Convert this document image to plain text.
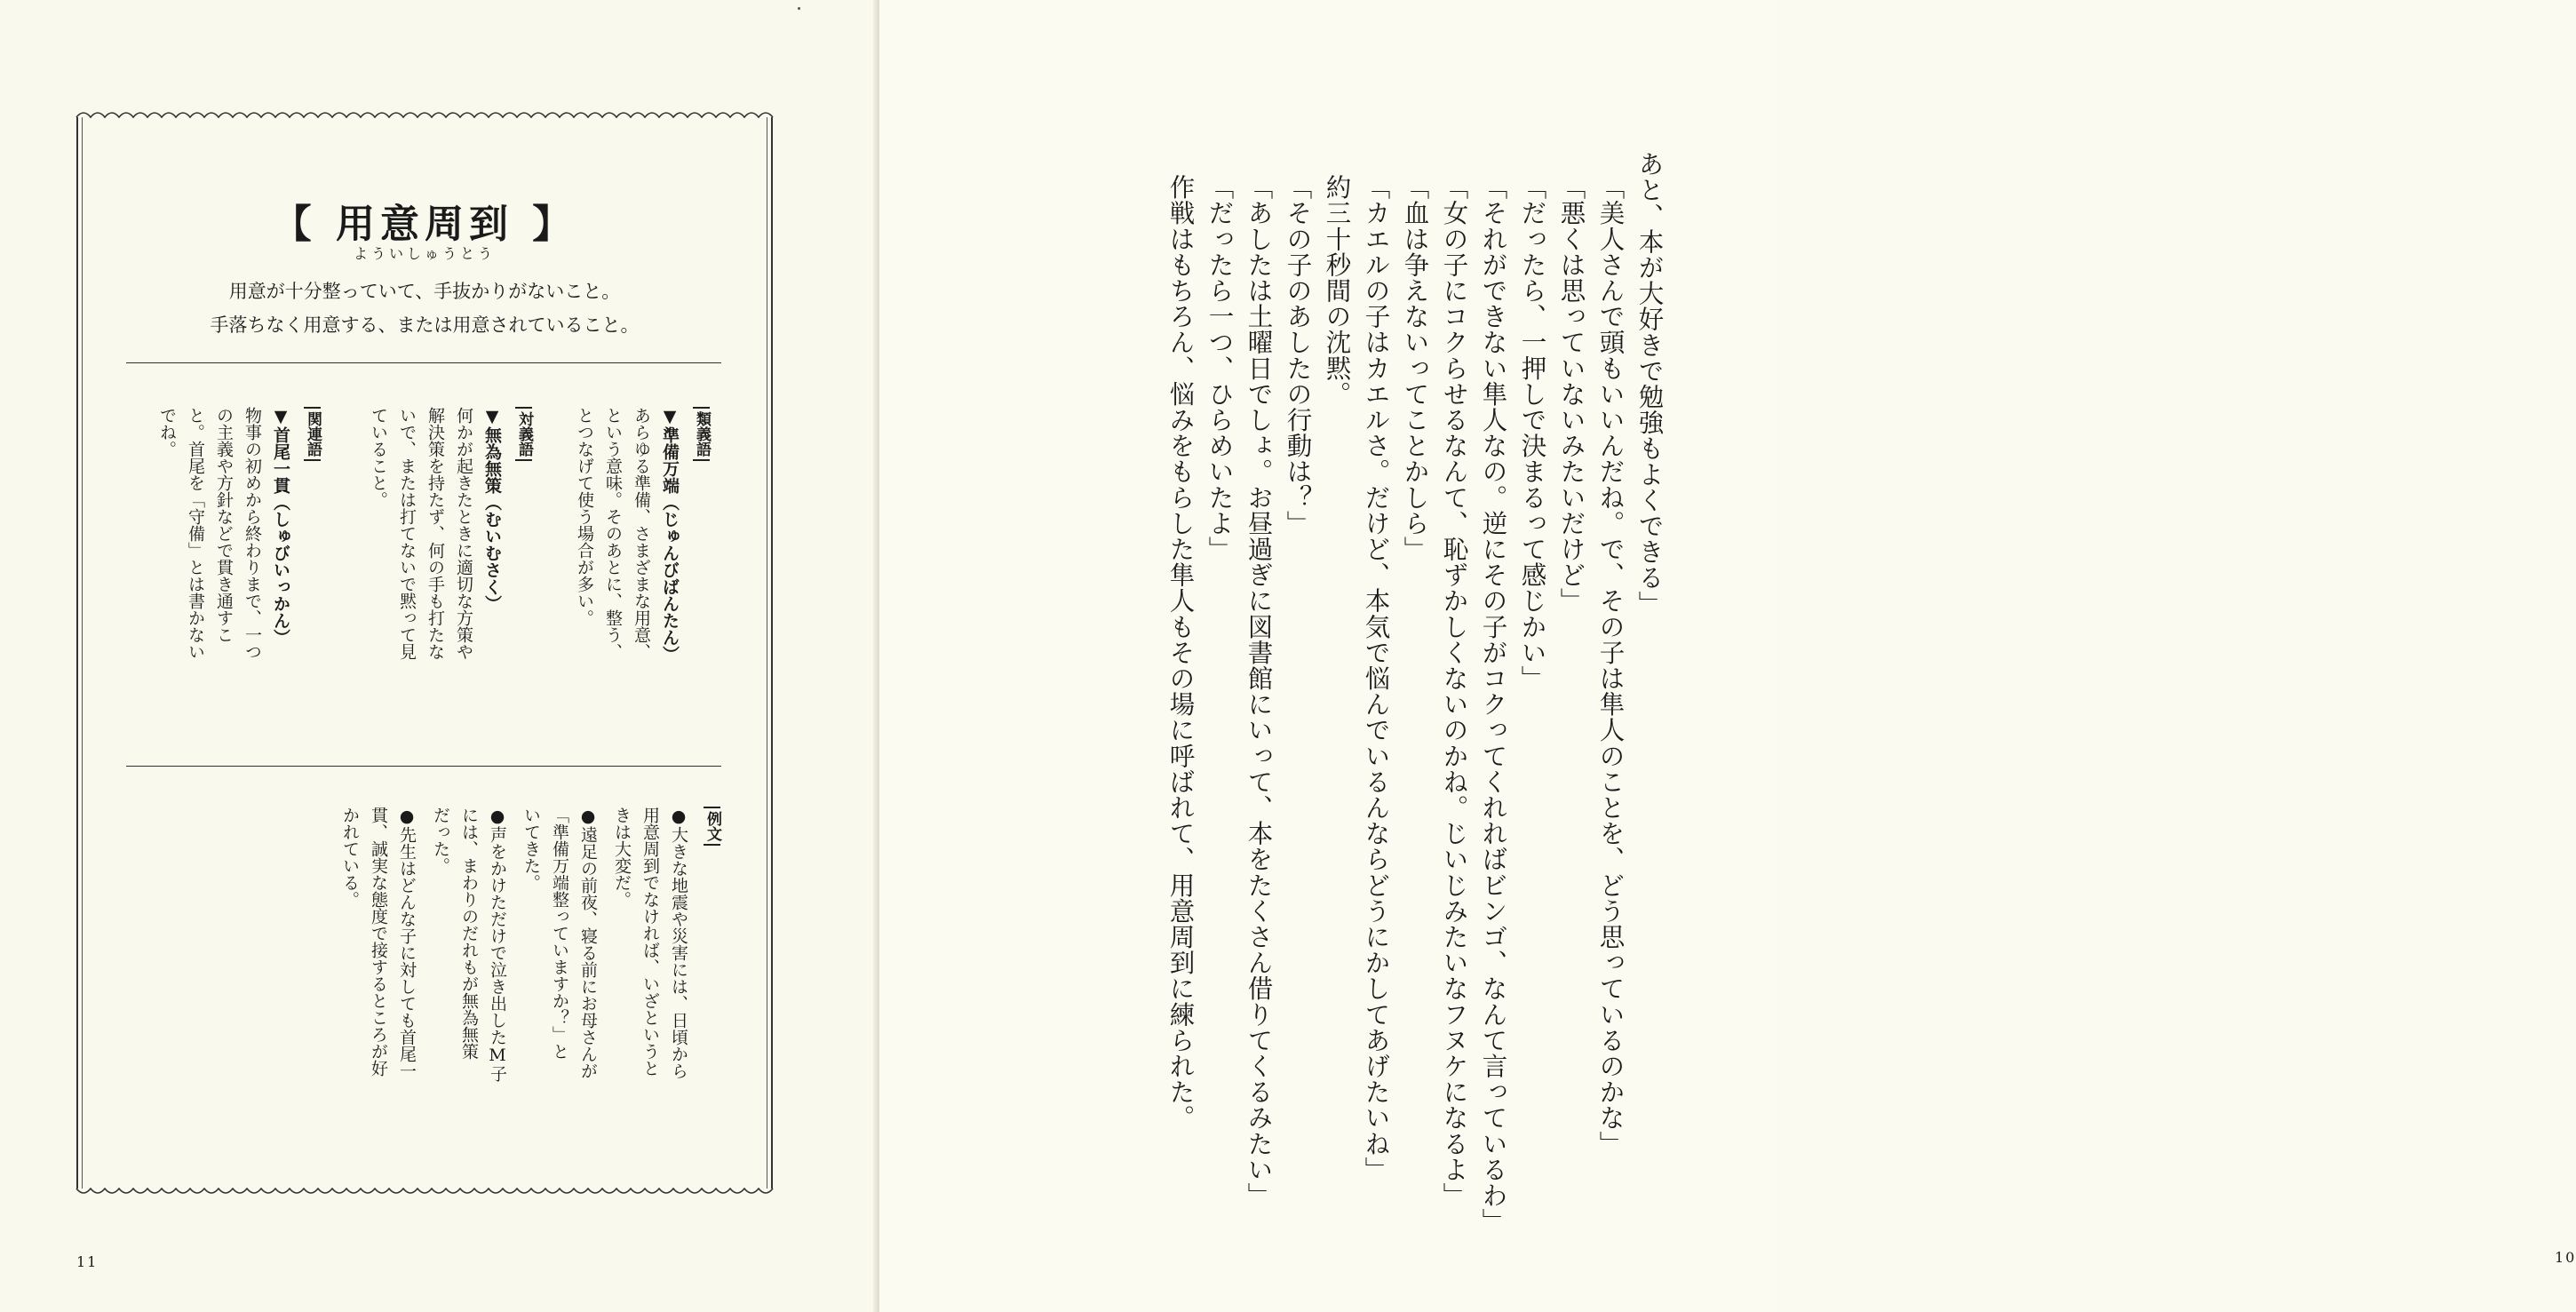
【 用意周到 】
よういしゅうとう
用意が十分整っていて、手抜かりがないこと。
手落ちなく用意する、または用意されていること。
類義語
▼準備万端（じゅんびばんたん）
あらゆる準備、さまざまな用意、
という意味。そのあとに、整う、
とつなげて使う場合が多い。
対義語
▼無為無策（むいむさく）
何かが起きたときに適切な方策や
解決策を持たず、何の手も打たな
いで、または打てないで黙って見
ていること。
関連語
▼首尾一貫（しゅびいっかん）
物事の初めから終わりまで、一つ
の主義や方針などで貫き通すこ
と。首尾を「守備」とは書かない
でね。
例文
●大きな地震や災害には、日頃から
用意周到でなければ、いざというと
きは大変だ。
●遠足の前夜、寝る前にお母さんが
「準備万端整っていますか？」と
いてきた。
●声をかけただけで泣き出したM子
には、まわりのだれもが無為無策
だった。
●先生はどんな子に対しても首尾一
貫、誠実な態度で接するところが好
かれている。
11
あと、本が大好きで勉強もよくできる」
「美人さんで頭もいいんだね。で、その子は隼人のことを、どう思っているのかな」
「悪くは思っていないみたいだけど」
「だったら、一押しで決まるって感じかい」
「それができない隼人なの。逆にその子がコクってくれればビンゴ、なんて言っているわ」
「女の子にコクらせるなんて、恥ずかしくないのかね。じいじみたいなフヌケになるよ」
「血は争えないってことかしら」
「カエルの子はカエルさ。だけど、本気で悩んでいるんならどうにかしてあげたいね」
約三十秒間の沈黙。
「その子のあしたの行動は？」
「あしたは土曜日でしょ。お昼過ぎに図書館にいって、本をたくさん借りてくるみたい」
「だったら一つ、ひらめいたよ」
作戦はもちろん、悩みをもらした隼人もその場に呼ばれて、用意周到に練られた。
10
